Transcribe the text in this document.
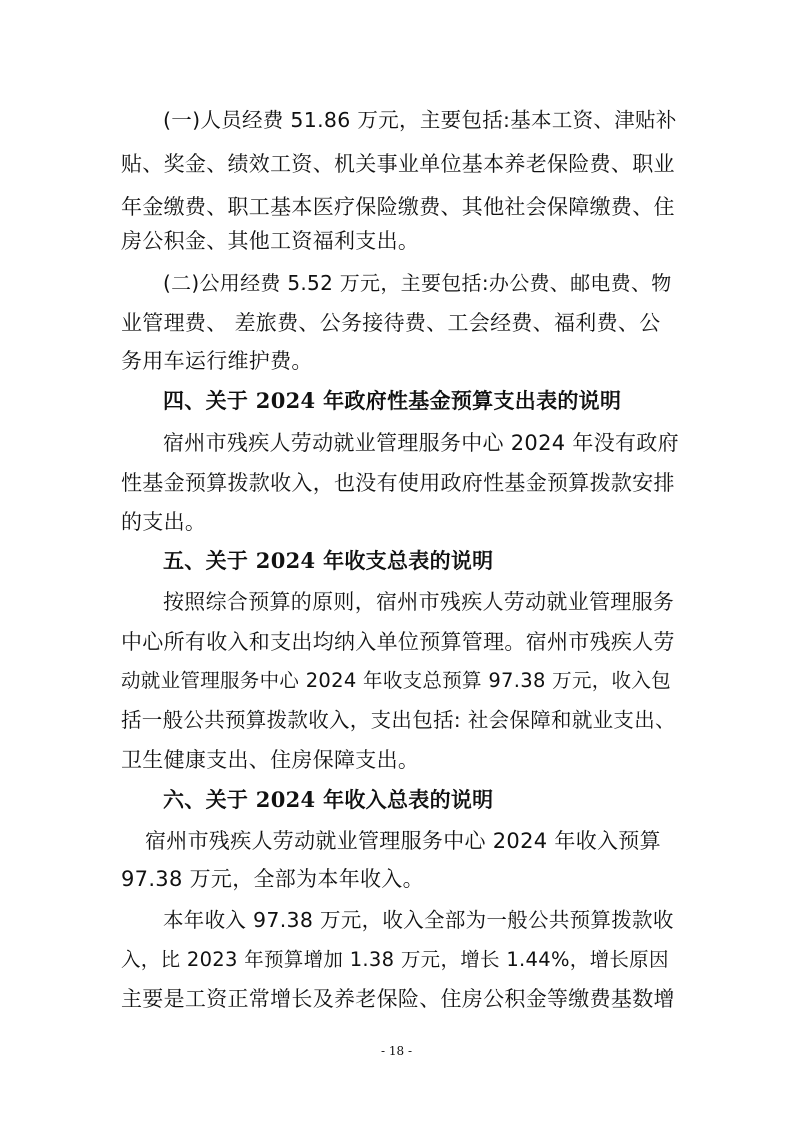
(一)人员经费 51.86 万元，主要包括:基本工资、津贴补
贴、奖金、绩效工资、机关事业单位基本养老保险费、职业
年金缴费、职工基本医疗保险缴费、其他社会保障缴费、住
房公积金、其他工资福利支出。
(二)公用经费 5.52 万元，主要包括:办公费、邮电费、物
业管理费、 差旅费、公务接待费、工会经费、福利费、公
务用车运行维护费。
四、关于 2024 年政府性基金预算支出表的说明
宿州市残疾人劳动就业管理服务中心 2024 年没有政府
性基金预算拨款收入，也没有使用政府性基金预算拨款安排
的支出。
五、关于 2024 年收支总表的说明
按照综合预算的原则，宿州市残疾人劳动就业管理服务
中心所有收入和支出均纳入单位预算管理。宿州市残疾人劳
动就业管理服务中心 2024 年收支总预算 97.38 万元，收入包
括一般公共预算拨款收入，支出包括: 社会保障和就业支出、
卫生健康支出、住房保障支出。
六、关于 2024 年收入总表的说明
宿州市残疾人劳动就业管理服务中心 2024 年收入预算
97.38 万元，全部为本年收入。
本年收入 97.38 万元，收入全部为一般公共预算拨款收
入，比 2023 年预算增加 1.38 万元，增长 1.44%，增长原因
主要是工资正常增长及养老保险、住房公积金等缴费基数增
- 18 -
